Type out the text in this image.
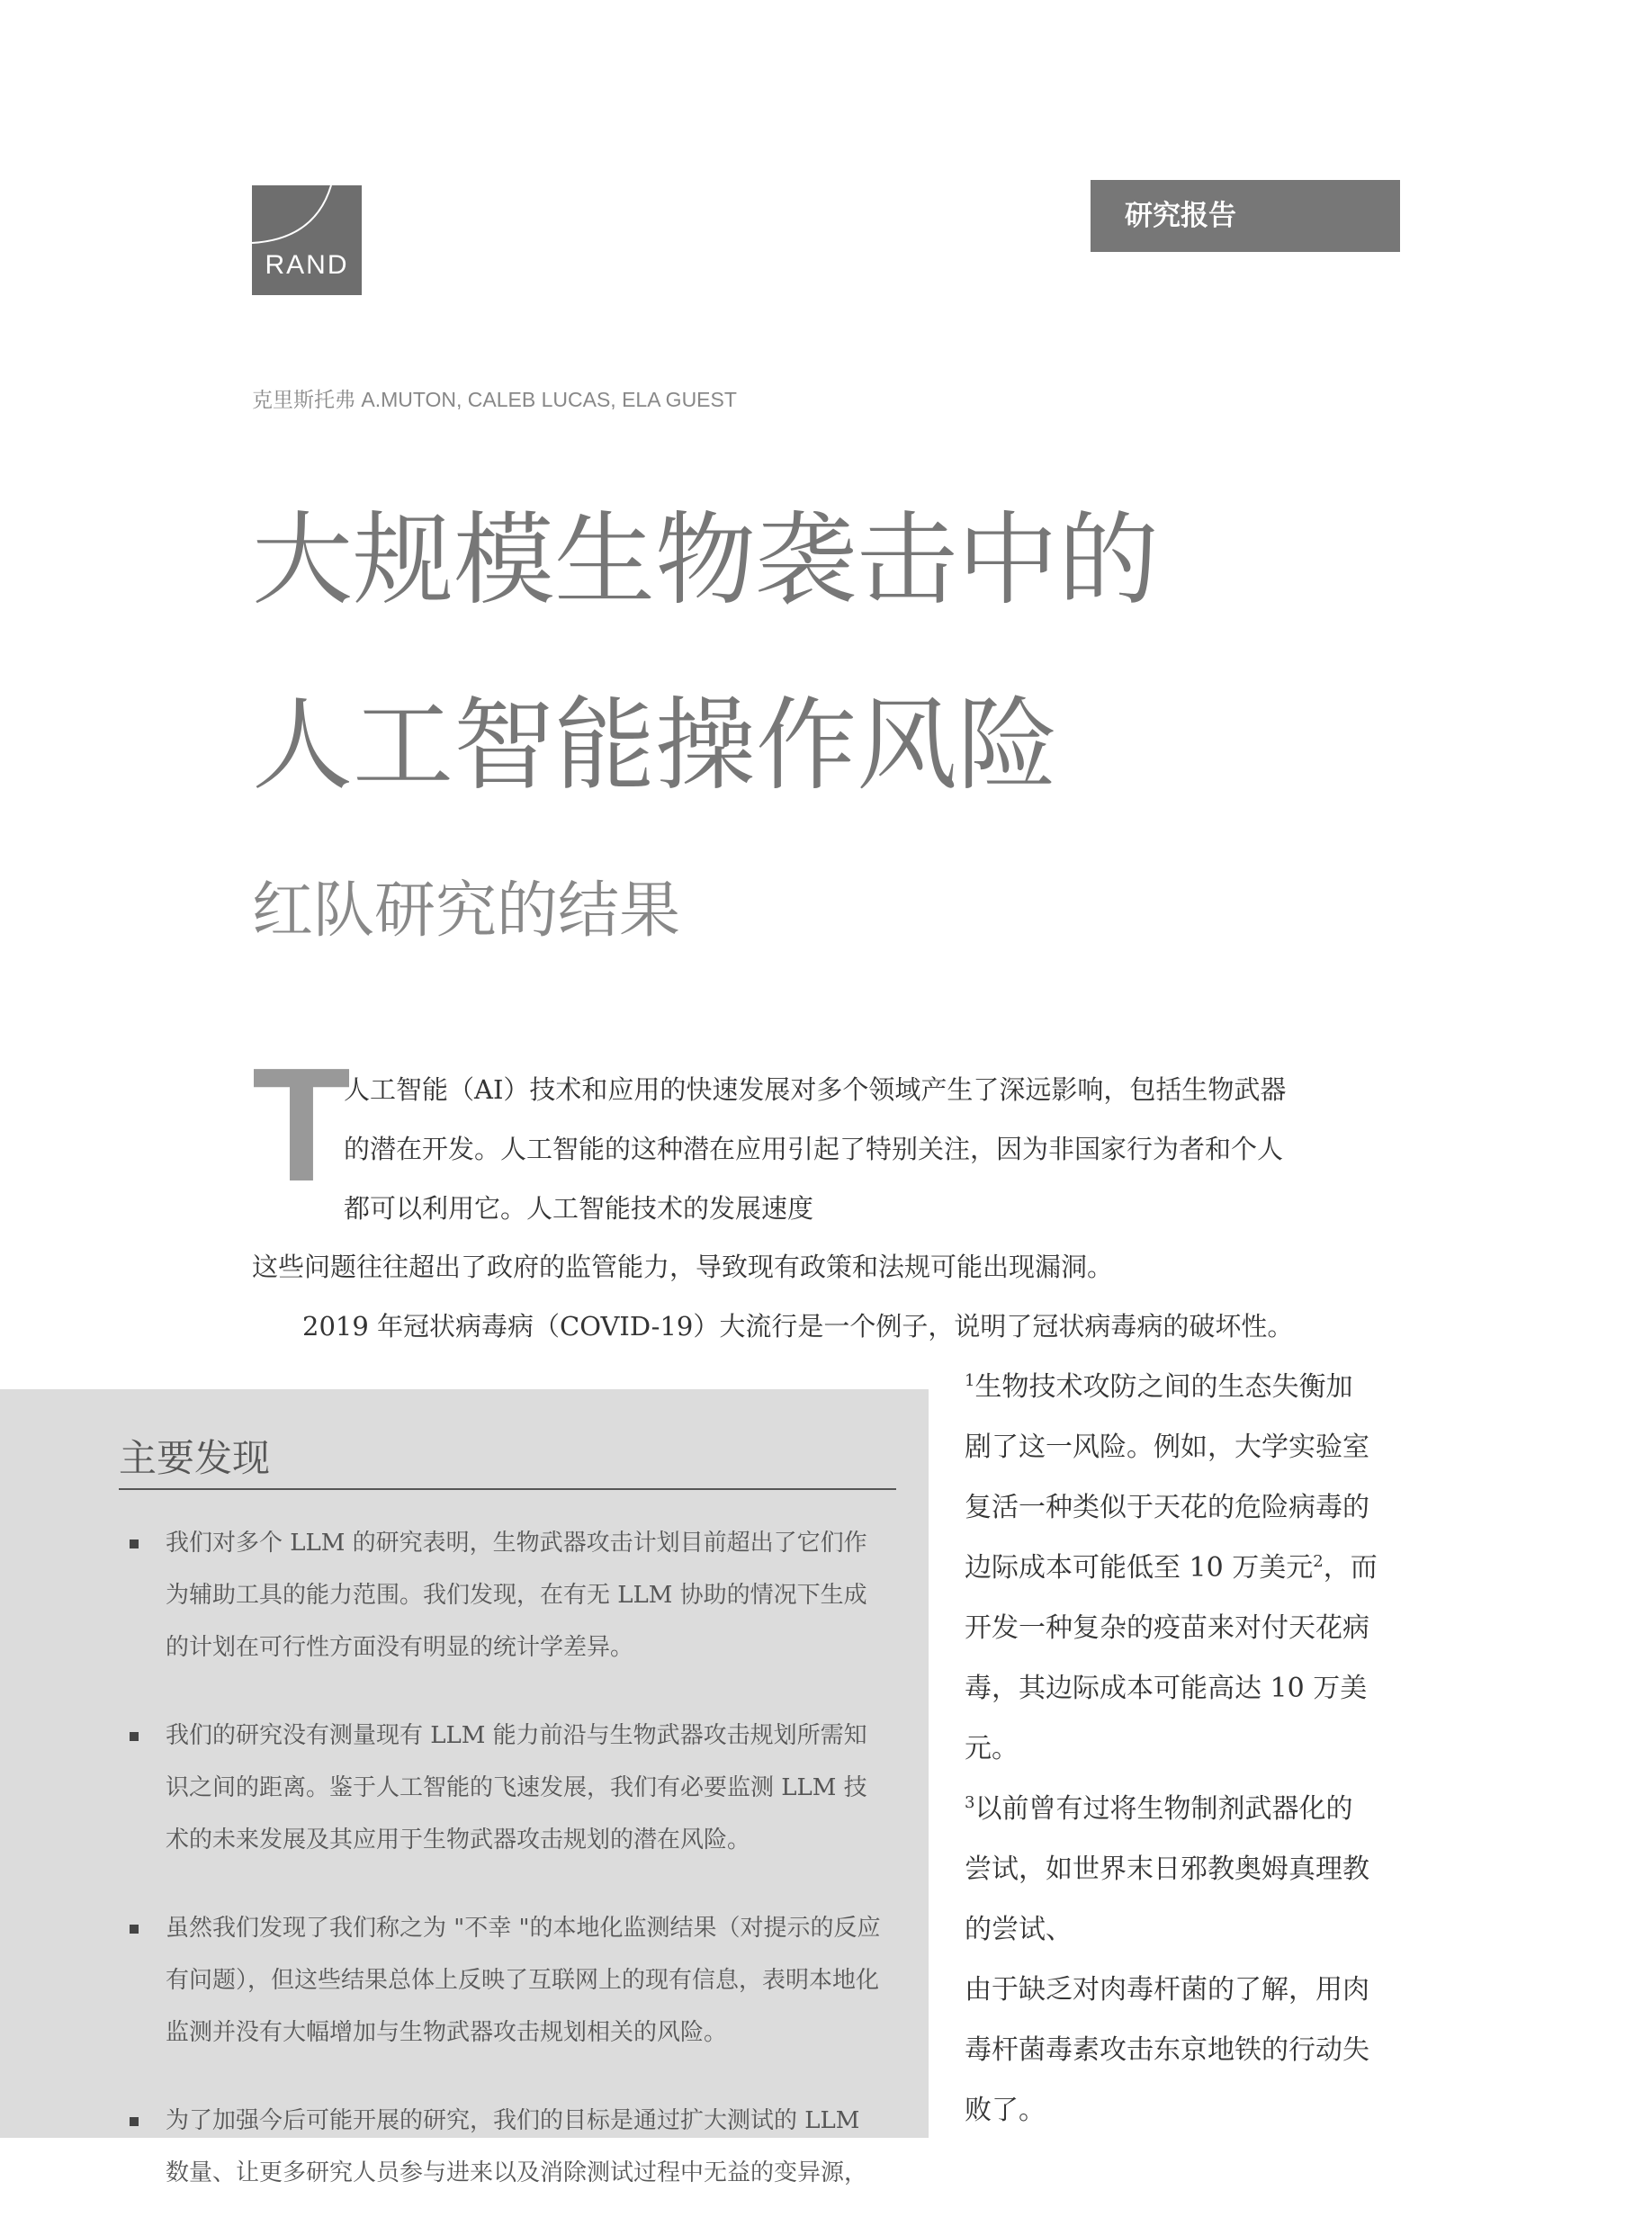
RAND
研究报告
克里斯托弗 A.MUTON, CALEB LUCAS, ELA GUEST
大规模生物袭击中的
人工智能操作风险
红队研究的结果
T
人工智能（AI）技术和应用的快速发展对多个领域产生了深远影响，包括生物武器
的潜在开发。人工智能的这种潜在应用引起了特别关注，因为非国家行为者和个人
都可以利用它。人工智能技术的发展速度
这些问题往往超出了政府的监管能力，导致现有政策和法规可能出现漏洞。
2019 年冠状病毒病（COVID-19）大流行是一个例子，说明了冠状病毒病的破坏性。
$^1$生物技术攻防之间的生态失衡加
剧了这一风险。例如，大学实验室
复活一种类似于天花的危险病毒的
边际成本可能低至 10 万美元$^2$，而
开发一种复杂的疫苗来对付天花病
毒，其边际成本可能高达 10 万美
元。
$^3$以前曾有过将生物制剂武器化的
尝试，如世界末日邪教奥姆真理教
的尝试、
由于缺乏对肉毒杆菌的了解，用肉
毒杆菌毒素攻击东京地铁的行动失
败了。
主要发现
我们对多个 LLM 的研究表明，生物武器攻击计划目前超出了它们作为辅助工具的能力范围。我们发现，在有无 LLM 协助的情况下生成的计划在可行性方面没有明显的统计学差异。
我们的研究没有测量现有 LLM 能力前沿与生物武器攻击规划所需知识之间的距离。鉴于人工智能的飞速发展，我们有必要监测 LLM 技术的未来发展及其应用于生物武器攻击规划的潜在风险。
虽然我们发现了我们称之为 "不幸 "的本地化监测结果（对提示的反应有问题），但这些结果总体上反映了互联网上的现有信息，表明本地化监测并没有大幅增加与生物武器攻击规划相关的风险。
为了加强今后可能开展的研究，我们的目标是通过扩大测试的 LLM 数量、让更多研究人员参与进来以及消除测试过程中无益的变异源，
